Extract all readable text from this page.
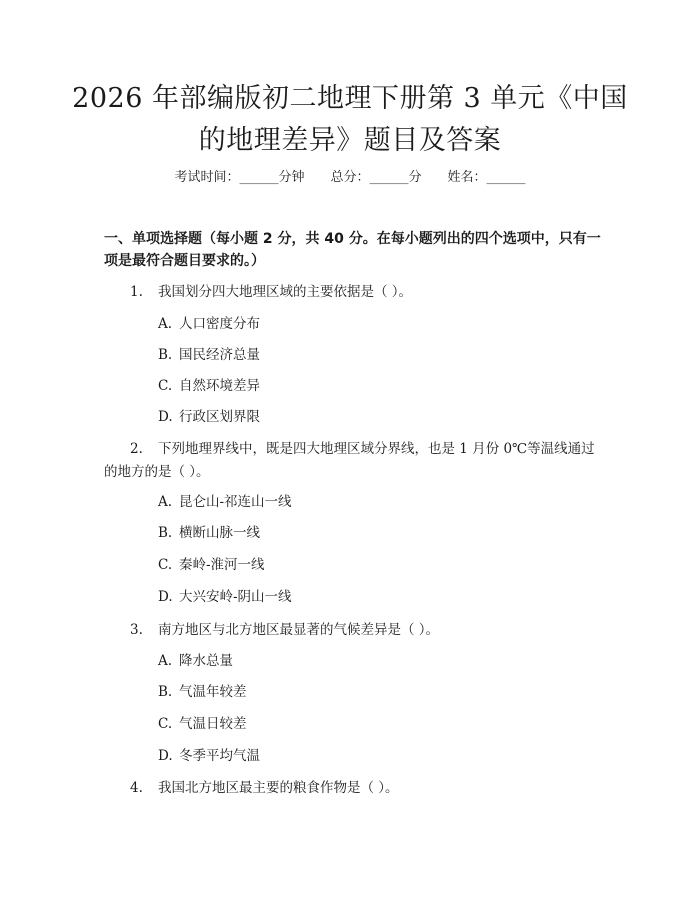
2026 年部编版初二地理下册第 3 单元《中国的地理差异》题目及答案
考试时间：______分钟 总分：______分 姓名：______
一、单项选择题（每小题 2 分，共 40 分。在每小题列出的四个选项中，只有一项是最符合题目要求的。）
1. 我国划分四大地理区域的主要依据是（ ）。
A. 人口密度分布
B. 国民经济总量
C. 自然环境差异
D. 行政区划界限
2. 下列地理界线中，既是四大地理区域分界线，也是 1 月份 0℃等温线通过的地方的是（ ）。
A. 昆仑山-祁连山一线
B. 横断山脉一线
C. 秦岭-淮河一线
D. 大兴安岭-阴山一线
3. 南方地区与北方地区最显著的气候差异是（ ）。
A. 降水总量
B. 气温年较差
C. 气温日较差
D. 冬季平均气温
4. 我国北方地区最主要的粮食作物是（ ）。
